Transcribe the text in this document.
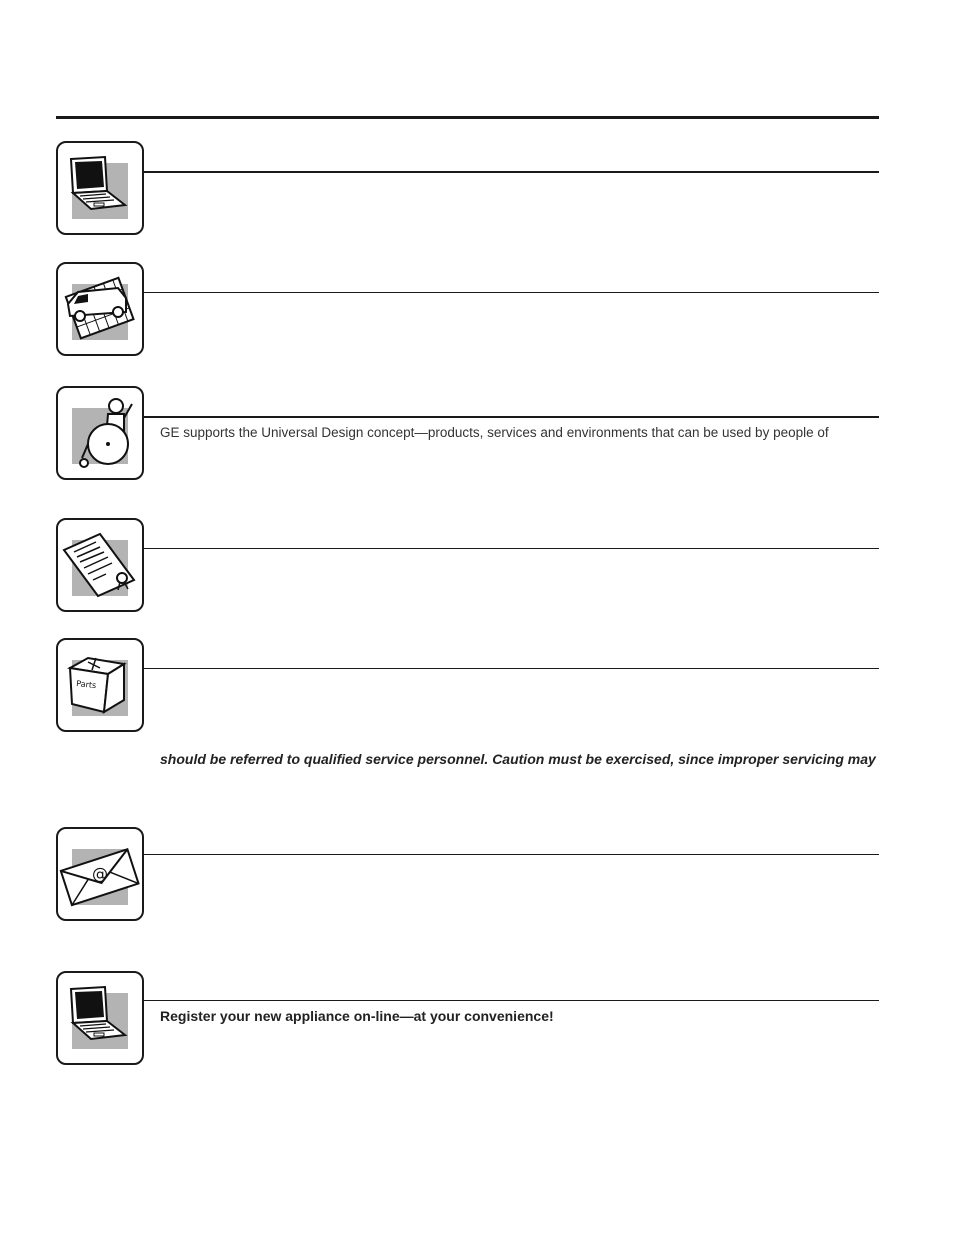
GE supports the Universal Design concept—products, services and environments that can be used by people of
Parts
should be referred to qualified service personnel. Caution must be exercised, since improper servicing may
@
Register your new appliance on-line—at your convenience!
